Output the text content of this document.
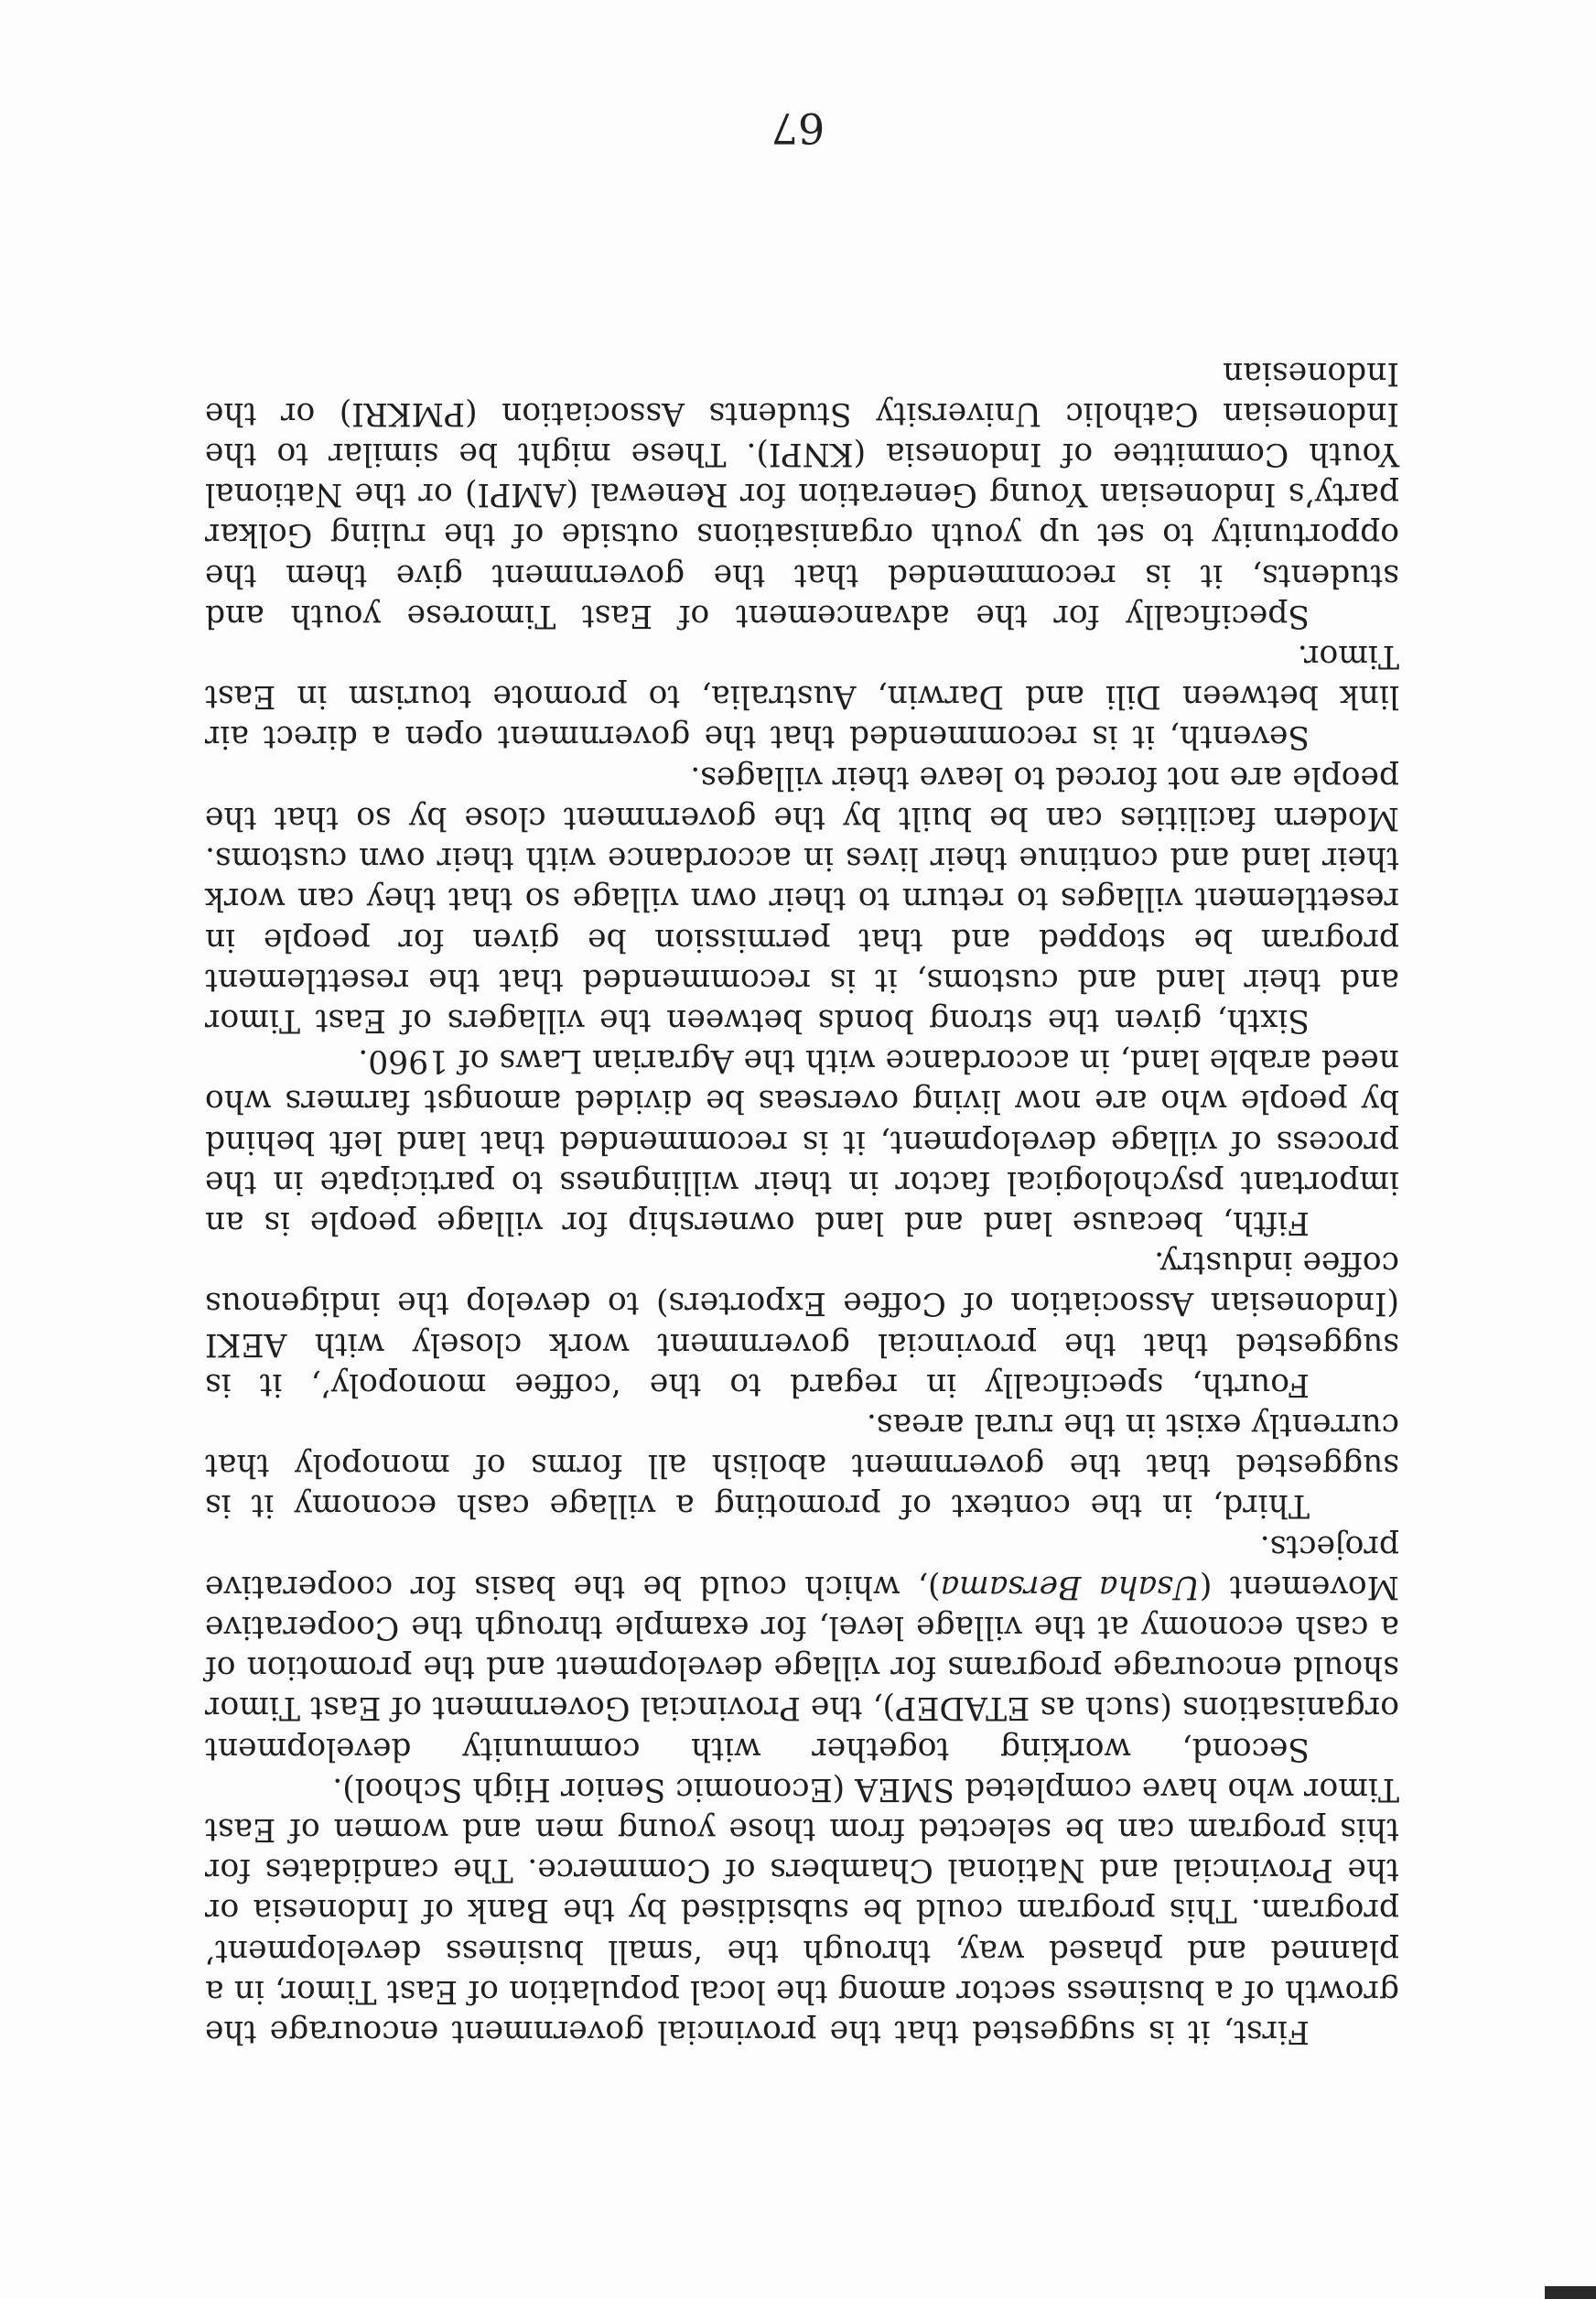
67

First, it is suggested that the provincial government encourage the growth of a business sector among the local population of East Timor, in a planned and phased way, through the ‘small business development’ program. This program could be subsidised by the Bank of Indonesia or the Provincial and National Chambers of Commerce. The candidates for this program can be selected from those young men and women of East Timor who have completed SMEA (Economic Senior High School).

Second, working together with community development organisations (such as ETADEP), the Provincial Government of East Timor should encourage programs for village development and the promotion of a cash economy at the village level, for example through the Cooperative Movement (Usaha Bersama), which could be the basis for cooperative projects.

Third, in the context of promoting a village cash economy it is suggested that the government abolish all forms of monopoly that currently exist in the rural areas.

Fourth, specifically in regard to the ‘coffee monopoly’, it is suggested that the provincial government work closely with AEKI (Indonesian Association of Coffee Exporters) to develop the indigenous coffee industry.

Fifth, because land and land ownership for village people is an important psychological factor in their willingness to participate in the process of village development, it is recommended that land left behind by people who are now living overseas be divided amongst farmers who need arable land, in accordance with the Agrarian Laws of 1960.

Sixth, given the strong bonds between the villagers of East Timor and their land and customs, it is recommended that the resettlement program be stopped and that permission be given for people in resettlement villages to return to their own village so that they can work their land and continue their lives in accordance with their own customs. Modern facilities can be built by the government close by so that the people are not forced to leave their villages.

Seventh, it is recommended that the government open a direct air link between Dili and Darwin, Australia, to promote tourism in East Timor.

Specifically for the advancement of East Timorese youth and students, it is recommended that the government give them the opportunity to set up youth organisations outside of the ruling Golkar party’s Indonesian Young Generation for Renewal (AMPI) or the National Youth Committee of Indonesia (KNPI). These might be similar to the Indonesian Catholic University Students Association (PMKRI) or the Indonesian
